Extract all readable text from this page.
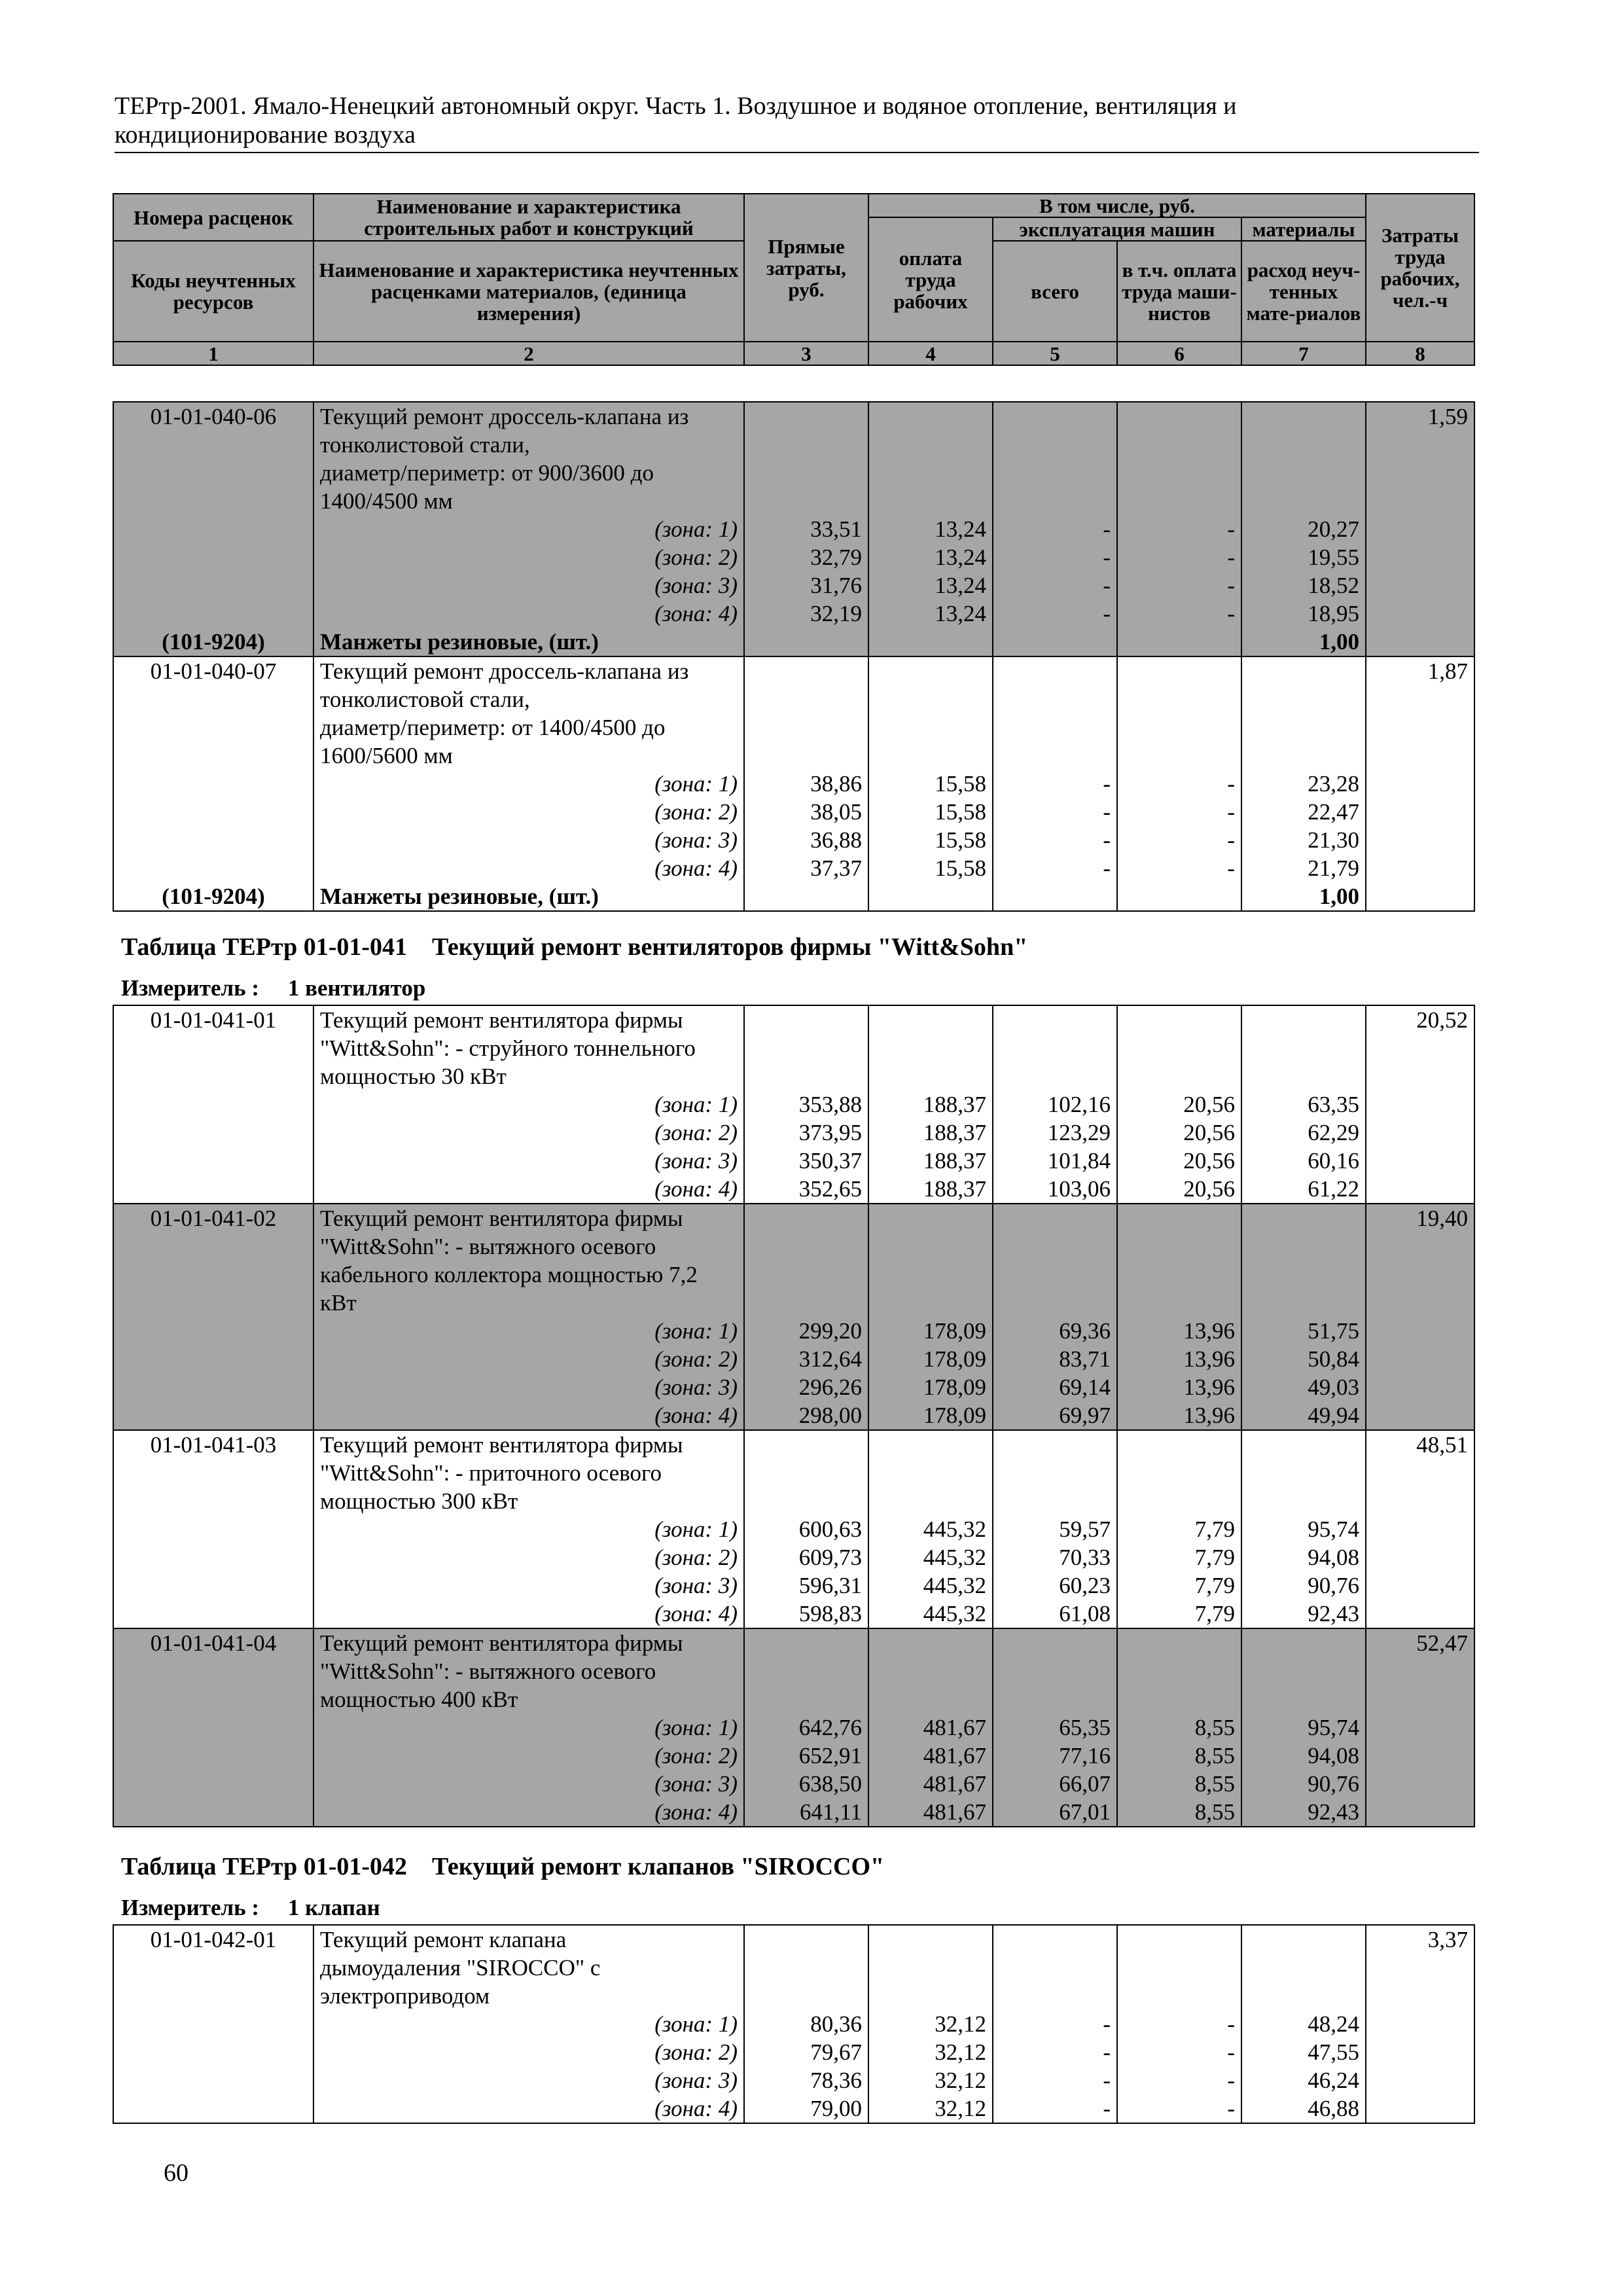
ТЕРтр-2001. Ямало-Ненецкий автономный округ. Часть 1. Воздушное и водяное отопление, вентиляция и
кондиционирование воздуха
Номера расценок	Наименование и характеристика строительных работ и конструкций	Прямые затраты, руб.	В том числе, руб.				Затраты труда рабочих, чел.-ч
			оплата труда рабочих	эксплуатация машин		материалы	
Коды неучтенных ресурсов	Наименование и характеристика неучтенных расценками материалов, (единица измерения)			всего	в т.ч. оплата труда маши-нистов	расход неуч-тенных мате-риалов	

1	2	3	4	5	6	7	8
01-01-040-06	Текущий ремонт дроссель-клапана из						1,59
	тонколистовой стали,						
	диаметр/периметр: от 900/3600 до						
	1400/4500 мм						
	(зона: 1)	33,51	13,24	-	-	20,27	
	(зона: 2)	32,79	13,24	-	-	19,55	
	(зона: 3)	31,76	13,24	-	-	18,52	
	(зона: 4)	32,19	13,24	-	-	18,95	
(101-9204)	Манжеты резиновые, (шт.)					1,00	
01-01-040-07	Текущий ремонт дроссель-клапана из						1,87
	тонколистовой стали,						
	диаметр/периметр: от 1400/4500 до						
	1600/5600 мм						
	(зона: 1)	38,86	15,58	-	-	23,28	
	(зона: 2)	38,05	15,58	-	-	22,47	
	(зона: 3)	36,88	15,58	-	-	21,30	
	(зона: 4)	37,37	15,58	-	-	21,79	
(101-9204)	Манжеты резиновые, (шт.)					1,00	
Таблица ТЕРтр 01-01-041    Текущий ремонт вентиляторов фирмы "Witt&Sohn"
Измеритель :     1 вентилятор
01-01-041-01	Текущий ремонт вентилятора фирмы						20,52
	"Witt&Sohn": - струйного тоннельного						
	мощностью 30 кВт						
	(зона: 1)	353,88	188,37	102,16	20,56	63,35	
	(зона: 2)	373,95	188,37	123,29	20,56	62,29	
	(зона: 3)	350,37	188,37	101,84	20,56	60,16	
	(зона: 4)	352,65	188,37	103,06	20,56	61,22	
01-01-041-02	Текущий ремонт вентилятора фирмы						19,40
	"Witt&Sohn": - вытяжного осевого						
	кабельного коллектора мощностью 7,2						
	кВт						
	(зона: 1)	299,20	178,09	69,36	13,96	51,75	
	(зона: 2)	312,64	178,09	83,71	13,96	50,84	
	(зона: 3)	296,26	178,09	69,14	13,96	49,03	
	(зона: 4)	298,00	178,09	69,97	13,96	49,94	
01-01-041-03	Текущий ремонт вентилятора фирмы						48,51
	"Witt&Sohn": - приточного осевого						
	мощностью 300 кВт						
	(зона: 1)	600,63	445,32	59,57	7,79	95,74	
	(зона: 2)	609,73	445,32	70,33	7,79	94,08	
	(зона: 3)	596,31	445,32	60,23	7,79	90,76	
	(зона: 4)	598,83	445,32	61,08	7,79	92,43	
01-01-041-04	Текущий ремонт вентилятора фирмы						52,47
	"Witt&Sohn": - вытяжного осевого						
	мощностью 400 кВт						
	(зона: 1)	642,76	481,67	65,35	8,55	95,74	
	(зона: 2)	652,91	481,67	77,16	8,55	94,08	
	(зона: 3)	638,50	481,67	66,07	8,55	90,76	
	(зона: 4)	641,11	481,67	67,01	8,55	92,43	
Таблица ТЕРтр 01-01-042    Текущий ремонт клапанов "SIROCCO"
Измеритель :     1 клапан
01-01-042-01	Текущий ремонт клапана						3,37
	дымоудаления "SIROCCO" с						
	электроприводом						
	(зона: 1)	80,36	32,12	-	-	48,24	
	(зона: 2)	79,67	32,12	-	-	47,55	
	(зона: 3)	78,36	32,12	-	-	46,24	
	(зона: 4)	79,00	32,12	-	-	46,88	
60
